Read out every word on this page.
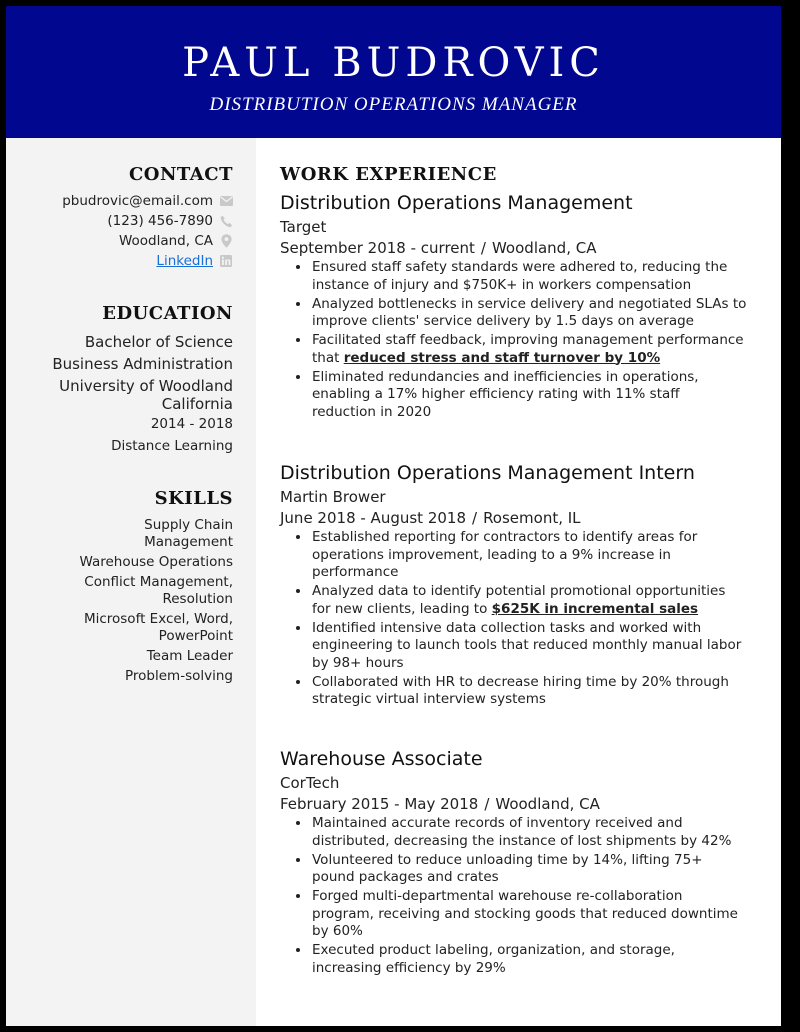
PAUL BUDROVIC
DISTRIBUTION OPERATIONS MANAGER
CONTACT
pbudrovic@email.com
(123) 456-7890
Woodland, CA
LinkedIn
EDUCATION
Bachelor of Science
Business Administration
University of Woodland
California
2014 - 2018
Distance Learning
SKILLS
Supply Chain Management
Warehouse Operations
Conflict Management, Resolution
Microsoft Excel, Word, PowerPoint
Team Leader
Problem-solving
WORK EXPERIENCE
Distribution Operations Management
Target
September 2018 - current / Woodland, CA
• Ensured staff safety standards were adhered to, reducing the instance of injury and $750K+ in workers compensation
• Analyzed bottlenecks in service delivery and negotiated SLAs to improve clients' service delivery by 1.5 days on average
• Facilitated staff feedback, improving management performance that reduced stress and staff turnover by 10%
• Eliminated redundancies and inefficiencies in operations, enabling a 17% higher efficiency rating with 11% staff reduction in 2020
Distribution Operations Management Intern
Martin Brower
June 2018 - August 2018 / Rosemont, IL
• Established reporting for contractors to identify areas for operations improvement, leading to a 9% increase in performance
• Analyzed data to identify potential promotional opportunities for new clients, leading to $625K in incremental sales
• Identified intensive data collection tasks and worked with engineering to launch tools that reduced monthly manual labor by 98+ hours
• Collaborated with HR to decrease hiring time by 20% through strategic virtual interview systems
Warehouse Associate
CorTech
February 2015 - May 2018 / Woodland, CA
• Maintained accurate records of inventory received and distributed, decreasing the instance of lost shipments by 42%
• Volunteered to reduce unloading time by 14%, lifting 75+ pound packages and crates
• Forged multi-departmental warehouse re-collaboration program, receiving and stocking goods that reduced downtime by 60%
• Executed product labeling, organization, and storage, increasing efficiency by 29%
